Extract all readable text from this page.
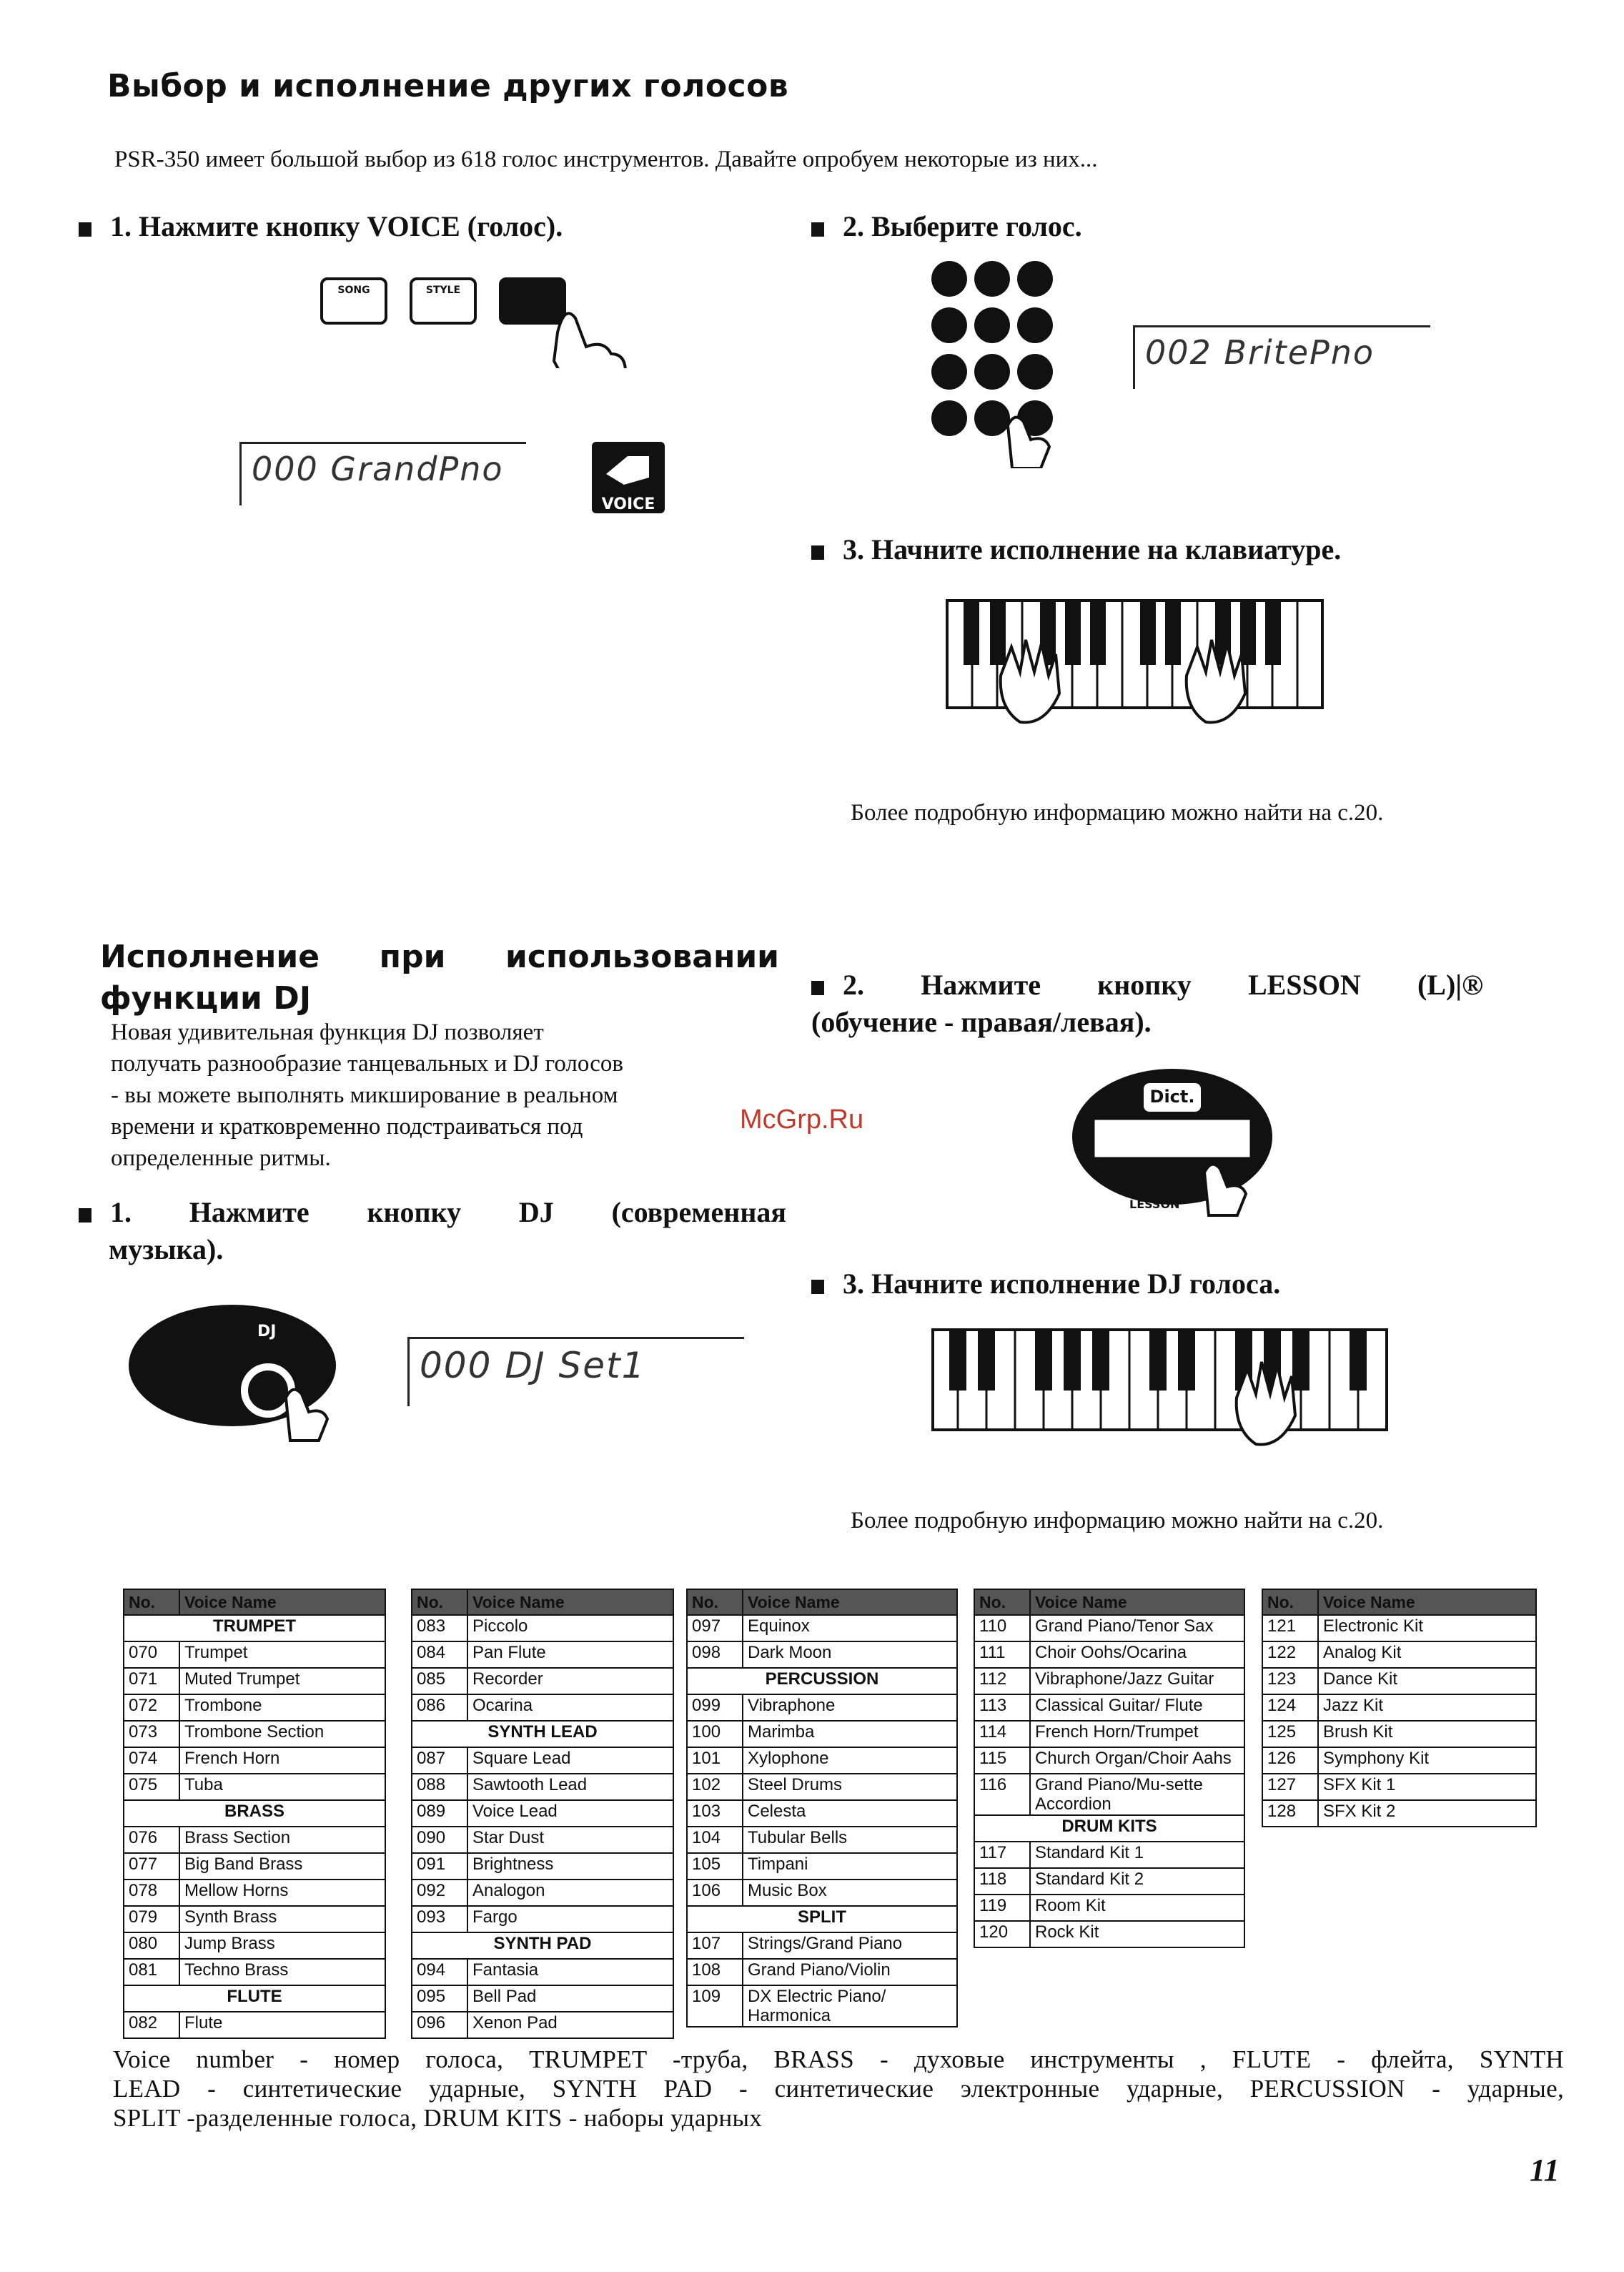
Выбор и исполнение других голосов
PSR-350 имеет большой выбор из 618 голос инструментов. Давайте опробуем некоторые из них...
1. Нажмите кнопку VOICE (голос).
SONG	STYLE
000 GrandPno
VOICE
2. Выберите голос.
002 BritePno
3. Начните исполнение на клавиатуре.
Более подробную информацию можно найти на с.20.
Исполнение при использовании
функции DJ
Новая удивительная функция DJ позволяет
получать разнообразие танцевальных и DJ голосов
- вы можете выполнять микширование в реальном
времени и кратковременно подстраиваться под
определенные ритмы.
McGrp.Ru
1. Нажмите кнопку DJ (современная
музыка).
DJ
000 DJ Set1
2. Нажмите кнопку LESSON (L)|®
(обучение - правая/левая).
Dict.
LESSON
3. Начните исполнение DJ голоса.
Более подробную информацию можно найти на с.20.
No.	Voice Name
TRUMPET	
070	Trumpet
071	Muted Trumpet
072	Trombone
073	Trombone Section
074	French Horn
075	Tuba
BRASS	
076	Brass Section
077	Big Band Brass
078	Mellow Horns
079	Synth Brass
080	Jump Brass
081	Techno Brass
FLUTE	
082	Flute
No.	Voice Name
083	Piccolo
084	Pan Flute
085	Recorder
086	Ocarina
SYNTH LEAD	
087	Square Lead
088	Sawtooth Lead
089	Voice Lead
090	Star Dust
091	Brightness
092	Analogon
093	Fargo
SYNTH PAD	
094	Fantasia
095	Bell Pad
096	Xenon Pad
No.	Voice Name
097	Equinox
098	Dark Moon
PERCUSSION	
099	Vibraphone
100	Marimba
101	Xylophone
102	Steel Drums
103	Celesta
104	Tubular Bells
105	Timpani
106	Music Box
SPLIT	
107	Strings/Grand Piano
108	Grand Piano/Violin
109	DX Electric Piano/ Harmonica
No.	Voice Name
110	Grand Piano/Tenor Sax
111	Choir Oohs/Ocarina
112	Vibraphone/Jazz Guitar
113	Classical Guitar/ Flute
114	French Horn/Trumpet
115	Church Organ/Choir Aahs
116	Grand Piano/Mu-sette Accordion
DRUM KITS	
117	Standard Kit 1
118	Standard Kit 2
119	Room Kit
120	Rock Kit
No.	Voice Name
121	Electronic Kit
122	Analog Kit
123	Dance Kit
124	Jazz Kit
125	Brush Kit
126	Symphony Kit
127	SFX Kit 1
128	SFX Kit 2
Voice number - номер голоса, TRUMPET -труба, BRASS - духовые инструменты , FLUTE - флейта, SYNTH
LEAD - синтетические ударные, SYNTH PAD - синтетические электронные ударные, PERCUSSION - ударные,
SPLIT -разделенные голоса, DRUM KITS - наборы ударных
11
